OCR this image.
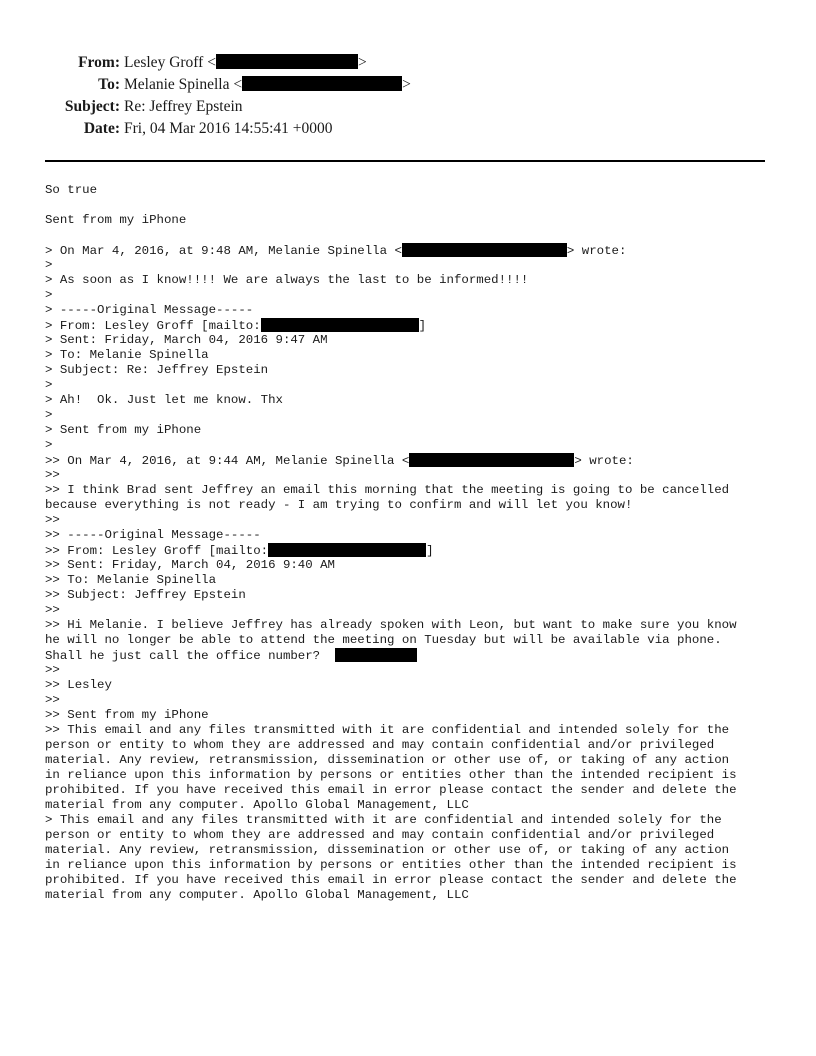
From: Lesley Groff <	>
To: Melanie Spinella <	>
Subject: Re: Jeffrey Epstein
Date: Fri, 04 Mar 2016 14:55:41 +0000
So true
Sent from my iPhone
> On Mar 4, 2016, at 9:48 AM, Melanie Spinella <	> wrote:
>
> As soon as I know!!!! We are always the last to be informed!!!!
>
> -----Original Message-----
> From: Lesley Groff [mailto:	]
> Sent: Friday, March 04, 2016 9:47 AM
> To: Melanie Spinella
> Subject: Re: Jeffrey Epstein
>
> Ah!  Ok. Just let me know. Thx
>
> Sent from my iPhone
>
>> On Mar 4, 2016, at 9:44 AM, Melanie Spinella <	> wrote:
>>
>> I think Brad sent Jeffrey an email this morning that the meeting is going to be cancelled
because everything is not ready - I am trying to confirm and will let you know!
>>
>> -----Original Message-----
>> From: Lesley Groff [mailto:	]
>> Sent: Friday, March 04, 2016 9:40 AM
>> To: Melanie Spinella
>> Subject: Jeffrey Epstein
>>
>> Hi Melanie. I believe Jeffrey has already spoken with Leon, but want to make sure you know
he will no longer be able to attend the meeting on Tuesday but will be available via phone.
Shall he just call the office number?
>>
>> Lesley
>>
>> Sent from my iPhone
>> This email and any files transmitted with it are confidential and intended solely for the
person or entity to whom they are addressed and may contain confidential and/or privileged
material. Any review, retransmission, dissemination or other use of, or taking of any action
in reliance upon this information by persons or entities other than the intended recipient is
prohibited. If you have received this email in error please contact the sender and delete the
material from any computer. Apollo Global Management, LLC
> This email and any files transmitted with it are confidential and intended solely for the
person or entity to whom they are addressed and may contain confidential and/or privileged
material. Any review, retransmission, dissemination or other use of, or taking of any action
in reliance upon this information by persons or entities other than the intended recipient is
prohibited. If you have received this email in error please contact the sender and delete the
material from any computer. Apollo Global Management, LLC
